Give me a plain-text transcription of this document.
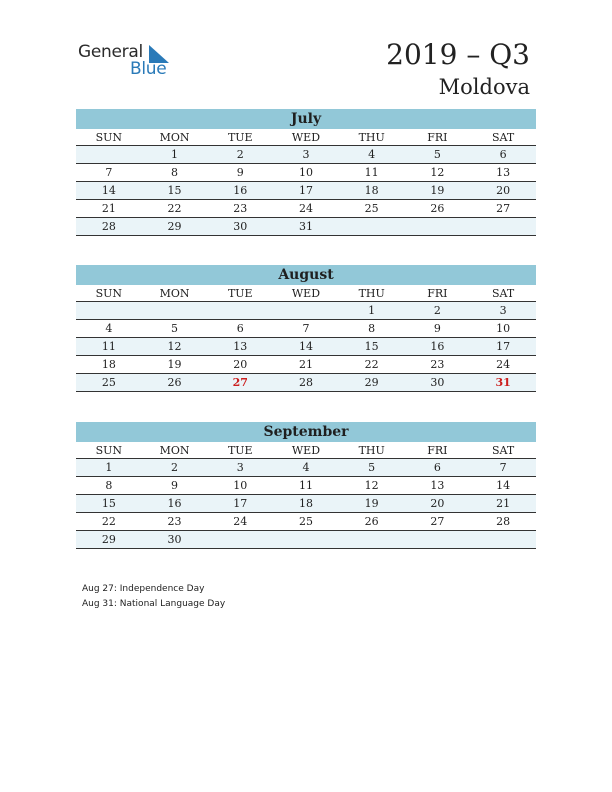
General
Blue	2019 – Q3
Moldova
July
SUN	MON	TUE	WED	THU	FRI	SAT
	1	2	3	4	5	6
7	8	9	10	11	12	13
14	15	16	17	18	19	20
21	22	23	24	25	26	27
28	29	30	31			
August
SUN	MON	TUE	WED	THU	FRI	SAT
				1	2	3
4	5	6	7	8	9	10
11	12	13	14	15	16	17
18	19	20	21	22	23	24
25	26	27	28	29	30	31
September
SUN	MON	TUE	WED	THU	FRI	SAT
1	2	3	4	5	6	7
8	9	10	11	12	13	14
15	16	17	18	19	20	21
22	23	24	25	26	27	28
29	30					
Aug 27: Independence Day
Aug 31: National Language Day
